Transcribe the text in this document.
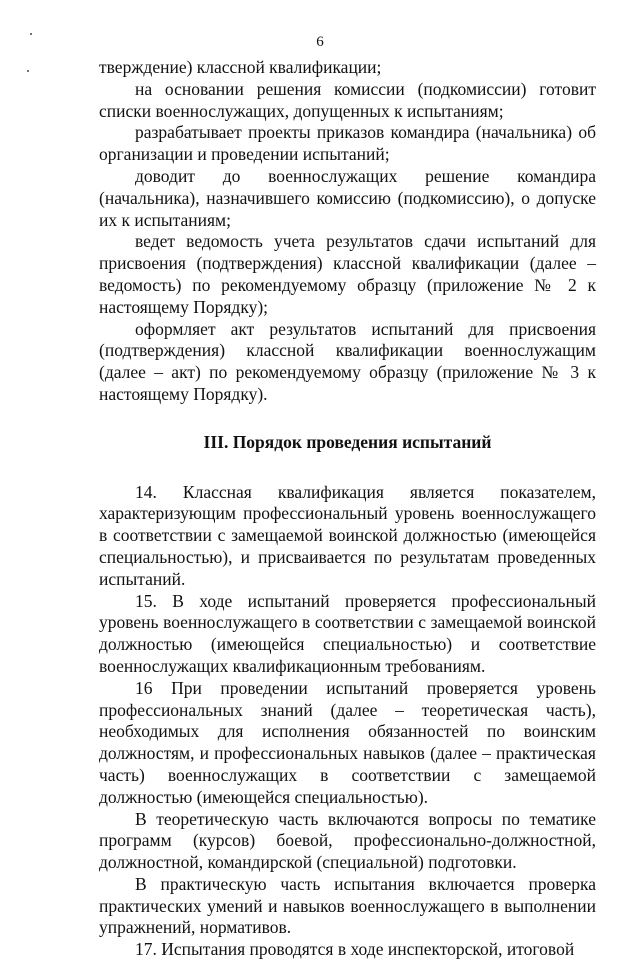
6

тверждение) классной квалификации;

на основании решения комиссии (подкомиссии) готовит списки военнослужащих, допущенных к испытаниям;

разрабатывает проекты приказов командира (начальника) об организации и проведении испытаний;

доводит до военнослужащих решение командира (начальника), назначившего комиссию (подкомиссию), о допуске их к испытаниям;

ведет ведомость учета результатов сдачи испытаний для присвоения (подтверждения) классной квалификации (далее – ведомость) по рекомендуемому образцу (приложение № 2 к настоящему Порядку);

оформляет акт результатов испытаний для присвоения (подтверждения) классной квалификации военнослужащим (далее – акт) по рекомендуемому образцу (приложение № 3 к настоящему Порядку).

III. Порядок проведения испытаний

14. Классная квалификация является показателем, характеризующим профессиональный уровень военнослужащего в соответствии с замещаемой воинской должностью (имеющейся специальностью), и присваивается по результатам проведенных испытаний.

15. В ходе испытаний проверяется профессиональный уровень военнослужащего в соответствии с замещаемой воинской должностью (имеющейся специальностью) и соответствие военнослужащих квалификационным требованиям.

16 При проведении испытаний проверяется уровень профессиональных знаний (далее – теоретическая часть), необходимых для исполнения обязанностей по воинским должностям, и профессиональных навыков (далее – практическая часть) военнослужащих в соответствии с замещаемой должностью (имеющейся специальностью).

В теоретическую часть включаются вопросы по тематике программ (курсов) боевой, профессионально-должностной, должностной, командирской (специальной) подготовки.

В практическую часть испытания включается проверка практических умений и навыков военнослужащего в выполнении упражнений, нормативов.

17. Испытания проводятся в ходе инспекторской, итоговой
